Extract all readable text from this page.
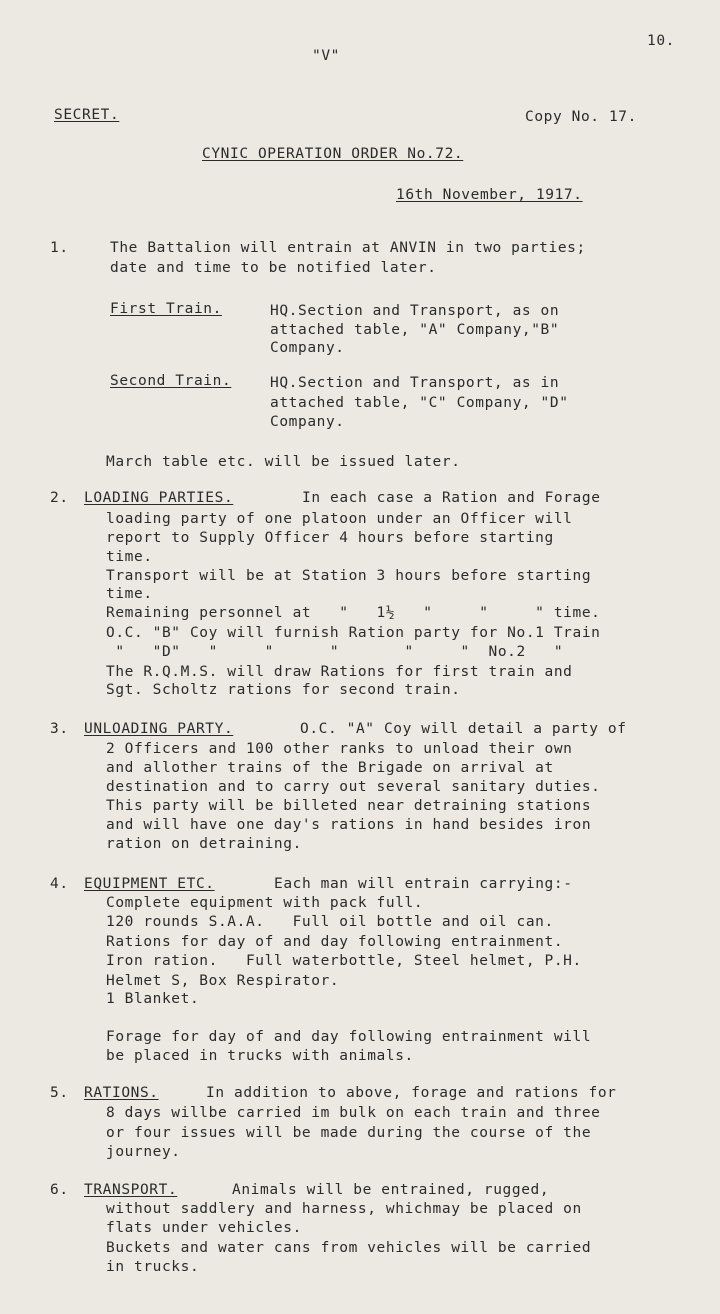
10.
"V"
SECRET.	Copy No. 17.
CYNIC OPERATION ORDER No.72.
16th November, 1917.
1.	The Battalion will entrain at ANVIN in two parties;
date and time to be notified later.
First Train.	HQ.Section and Transport, as on
attached table, "A" Company,"B"
Company.
Second Train.	HQ.Section and Transport, as in
attached table, "C" Company, "D"
Company.
March table etc. will be issued later.
2. LOADING PARTIES.	In each case a Ration and Forage
loading party of one platoon under an Officer will
report to Supply Officer 4 hours before starting
time.
Transport will be at Station 3 hours before starting
time.
Remaining personnel at   "   1½   "     "     " time.
O.C. "B" Coy will furnish Ration party for No.1 Train
"   "D"   "     "      "       "     "  No.2   "
The R.Q.M.S. will draw Rations for first train and
Sgt. Scholtz rations for second train.
3. UNLOADING PARTY.	O.C. "A" Coy will detail a party of
2 Officers and 100 other ranks to unload their own
and allother trains of the Brigade on arrival at
destination and to carry out several sanitary duties.
This party will be billeted near detraining stations
and will have one day's rations in hand besides iron
ration on detraining.
4. EQUIPMENT ETC.	Each man will entrain carrying:-
Complete equipment with pack full.
120 rounds S.A.A.   Full oil bottle and oil can.
Rations for day of and day following entrainment.
Iron ration.   Full waterbottle, Steel helmet, P.H.
Helmet S, Box Respirator.
1 Blanket.
Forage for day of and day following entrainment will
be placed in trucks with animals.
5. RATIONS.	In addition to above, forage and rations for
8 days willbe carried im bulk on each train and three
or four issues will be made during the course of the
journey.
6. TRANSPORT.	Animals will be entrained, rugged,
without saddlery and harness, whichmay be placed on
flats under vehicles.
Buckets and water cans from vehicles will be carried
in trucks.
